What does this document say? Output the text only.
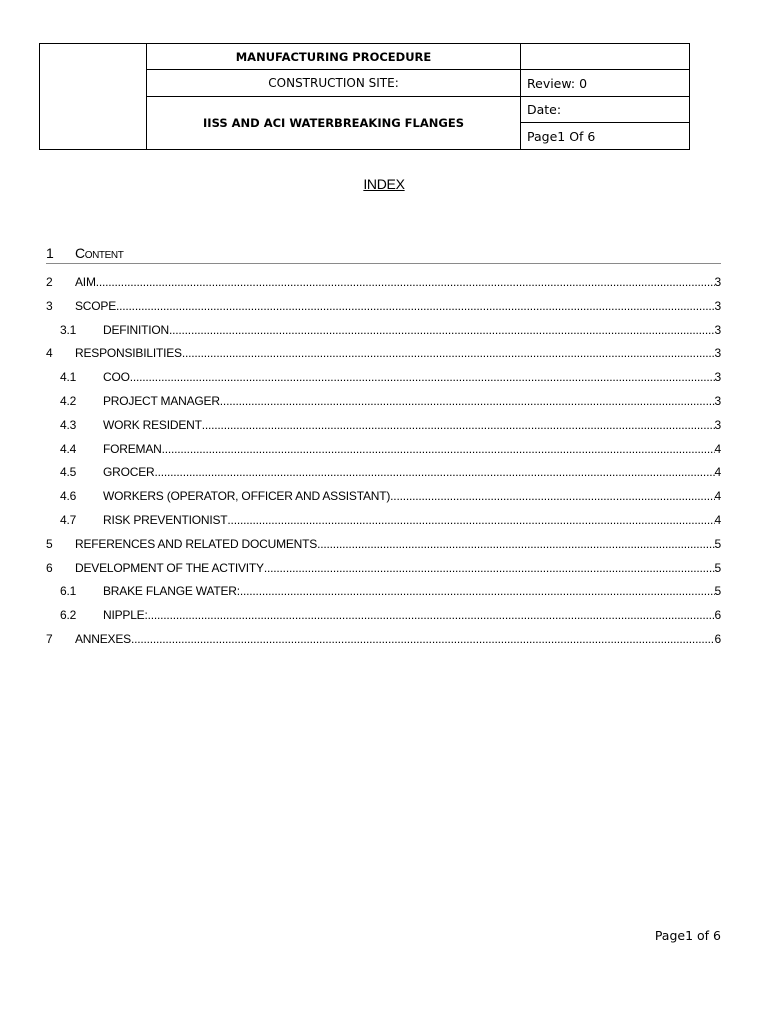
	MANUFACTURING PROCEDURE	
	CONSTRUCTION SITE:	Review: 0
	IISS AND ACI WATERBREAKING FLANGES	Date:
		Page1 Of 6
INDEX
1 Content
2 AIM .....	3
3 SCOPE .....	3
3.1 DEFINITION .....	3
4 RESPONSIBILITIES .....	3
4.1 COO .....	3
4.2 PROJECT MANAGER .....	3
4.3 WORK RESIDENT .....	3
4.4 FOREMAN .....	4
4.5 GROCER .....	4
4.6 WORKERS (OPERATOR, OFFICER AND ASSISTANT) .....	4
4.7 RISK PREVENTIONIST .....	4
5 REFERENCES AND RELATED DOCUMENTS .....	5
6 DEVELOPMENT OF THE ACTIVITY .....	5
6.1 BRAKE FLANGE WATER: .....	5
6.2 NIPPLE: .....	6
7 ANNEXES .....	6
Page1 of 6
